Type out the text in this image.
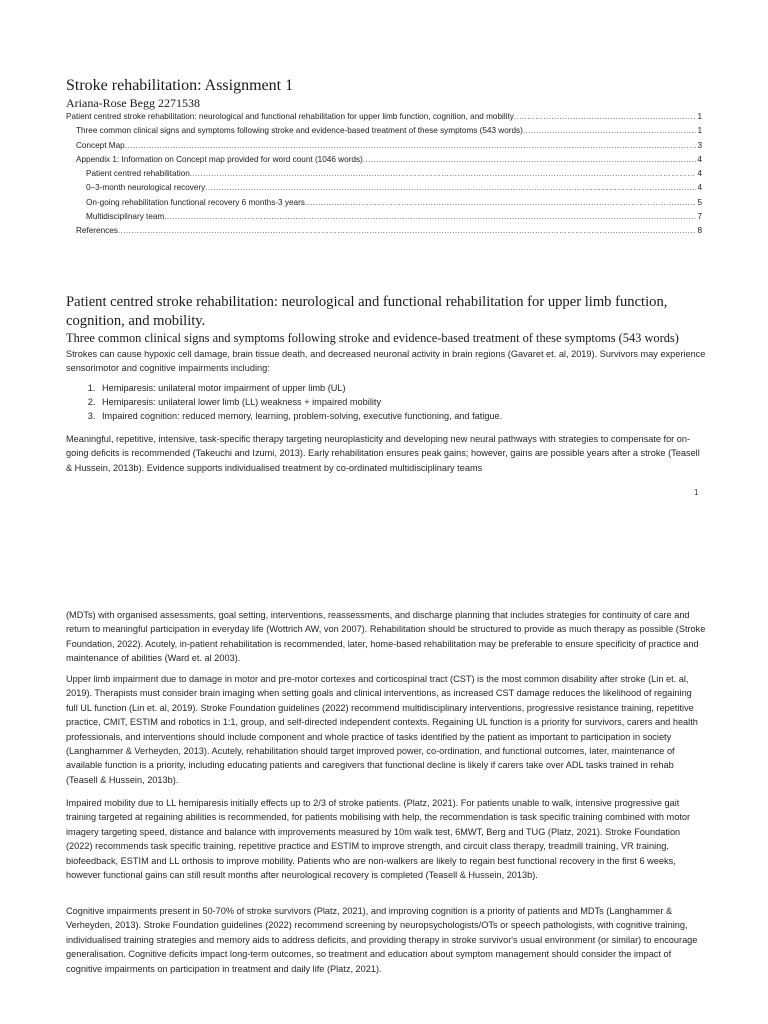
Stroke rehabilitation: Assignment 1
Ariana-Rose Begg 2271538
Patient centred stroke rehabilitation: neurological and functional rehabilitation for upper limb function, cognition, and mobility .....	1
Three common clinical signs and symptoms following stroke and evidence-based treatment of these symptoms (543 words) .....	1
Concept Map .....	3
Appendix 1: Information on Concept map provided for word count (1046 words) .....	4
Patient centred rehabilitation .....	4
0–3-month neurological recovery .....	4
On-going rehabilitation functional recovery 6 months-3 years .....	5
Multidisciplinary team .....	7
References .....	8
Patient centred stroke rehabilitation: neurological and functional rehabilitation for upper limb function, cognition, and mobility.
Three common clinical signs and symptoms following stroke and evidence-based treatment of these symptoms (543 words)
Strokes can cause hypoxic cell damage, brain tissue death, and decreased neuronal activity in brain regions (Gavaret et. al, 2019). Survivors may experience sensorimotor and cognitive impairments including:
1. Hemiparesis: unilateral motor impairment of upper limb (UL)
2. Hemiparesis: unilateral lower limb (LL) weakness + impaired mobility
3. Impaired cognition: reduced memory, learning, problem-solving, executive functioning, and fatigue.
Meaningful, repetitive, intensive, task-specific therapy targeting neuroplasticity and developing new neural pathways with strategies to compensate for on-going deficits is recommended (Takeuchi and Izumi, 2013). Early rehabilitation ensures peak gains; however, gains are possible years after a stroke (Teasell & Hussein, 2013b). Evidence supports individualised treatment by co-ordinated multidisciplinary teams
1
(MDTs) with organised assessments, goal setting, interventions, reassessments, and discharge planning that includes strategies for continuity of care and return to meaningful participation in everyday life (Wottrich AW, von 2007). Rehabilitation should be structured to provide as much therapy as possible (Stroke Foundation, 2022). Acutely, in-patient rehabilitation is recommended, later, home-based rehabilitation may be preferable to ensure specificity of practice and maintenance of abilities (Ward et. al 2003).
Upper limb impairment due to damage in motor and pre-motor cortexes and corticospinal tract (CST) is the most common disability after stroke (Lin et. al, 2019). Therapists must consider brain imaging when setting goals and clinical interventions, as increased CST damage reduces the likelihood of regaining full UL function (Lin et. al, 2019). Stroke Foundation guidelines (2022) recommend multidisciplinary interventions, progressive resistance training, repetitive practice, CMIT, ESTIM and robotics in 1:1, group, and self-directed independent contexts. Regaining UL function is a priority for survivors, carers and health professionals, and interventions should include component and whole practice of tasks identified by the patient as important to participation in society (Langhammer & Verheyden, 2013). Acutely, rehabilitation should target improved power, co-ordination, and functional outcomes, later, maintenance of available function is a priority, including educating patients and caregivers that functional decline is likely if carers take over ADL tasks trained in rehab (Teasell & Hussein, 2013b).
Impaired mobility due to LL hemiparesis initially effects up to 2/3 of stroke patients. (Platz, 2021). For patients unable to walk, intensive progressive gait training targeted at regaining abilities is recommended, for patients mobilising with help, the recommendation is task specific training combined with motor imagery targeting speed, distance and balance with improvements measured by 10m walk test, 6MWT, Berg and TUG (Platz, 2021). Stroke Foundation (2022) recommends task specific training, repetitive practice and ESTIM to improve strength, and circuit class therapy, treadmill training, VR training, biofeedback, ESTIM and LL orthosis to improve mobility. Patients who are non-walkers are likely to regain best functional recovery in the first 6 weeks, however functional gains can still result months after neurological recovery is completed (Teasell & Hussein, 2013b).
Cognitive impairments present in 50-70% of stroke survivors (Platz, 2021), and improving cognition is a priority of patients and MDTs (Langhammer & Verheyden, 2013). Stroke Foundation guidelines (2022) recommend screening by neuropsychologists/OTs or speech pathologists, with cognitive training, individualised training strategies and memory aids to address deficits, and providing therapy in stroke survivor's usual environment (or similar) to encourage generalisation. Cognitive deficits impact long-term outcomes, so treatment and education about symptom management should consider the impact of cognitive impairments on participation in treatment and daily life (Platz, 2021).
